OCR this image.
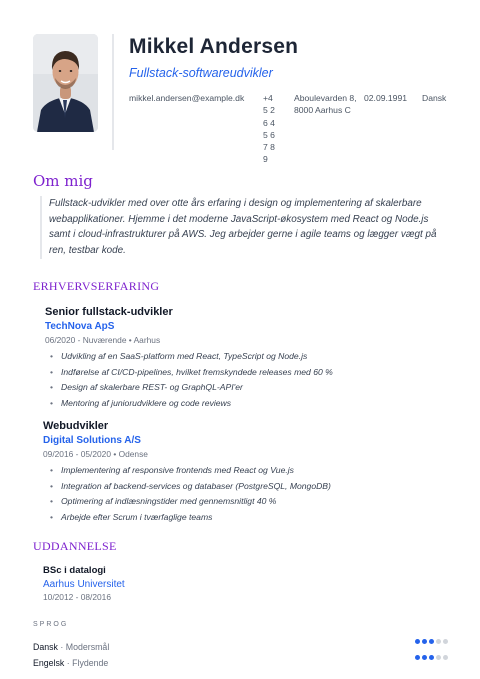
Mikkel Andersen
Fullstack-softwareudvikler
mikkel.andersen@example.dk +45 26 45 67 89
Aboulevarden 8, 8000 Aarhus C
02.09.1991 Dansk
Om mig
Fullstack-udvikler med over otte års erfaring i design og implementering af skalerbare webapplikationer. Hjemme i det moderne JavaScript-økosystem med React og Node.js samt i cloud-infrastrukturer på AWS. Jeg arbejder gerne i agile teams og lægger vægt på ren, testbar kode.
ERHVERVSERFARING
Senior fullstack-udvikler
TechNova ApS
06/2020 - Nuværende • Aarhus
• Udvikling af en SaaS-platform med React, TypeScript og Node.js
• Indførelse af CI/CD-pipelines, hvilket fremskyndede releases med 60 %
• Design af skalerbare REST- og GraphQL-API'er
• Mentoring af juniorudviklere og code reviews
Webudvikler
Digital Solutions A/S
09/2016 - 05/2020 • Odense
• Implementering af responsive frontends med React og Vue.js
• Integration af backend-services og databaser (PostgreSQL, MongoDB)
• Optimering af indlæsningstider med gennemsnitligt 40 %
• Arbejde efter Scrum i tværfaglige teams
UDDANNELSE
BSc i datalogi
Aarhus Universitet
10/2012 - 08/2016
SPROG
Dansk · Modersmål
Engelsk · Flydende
